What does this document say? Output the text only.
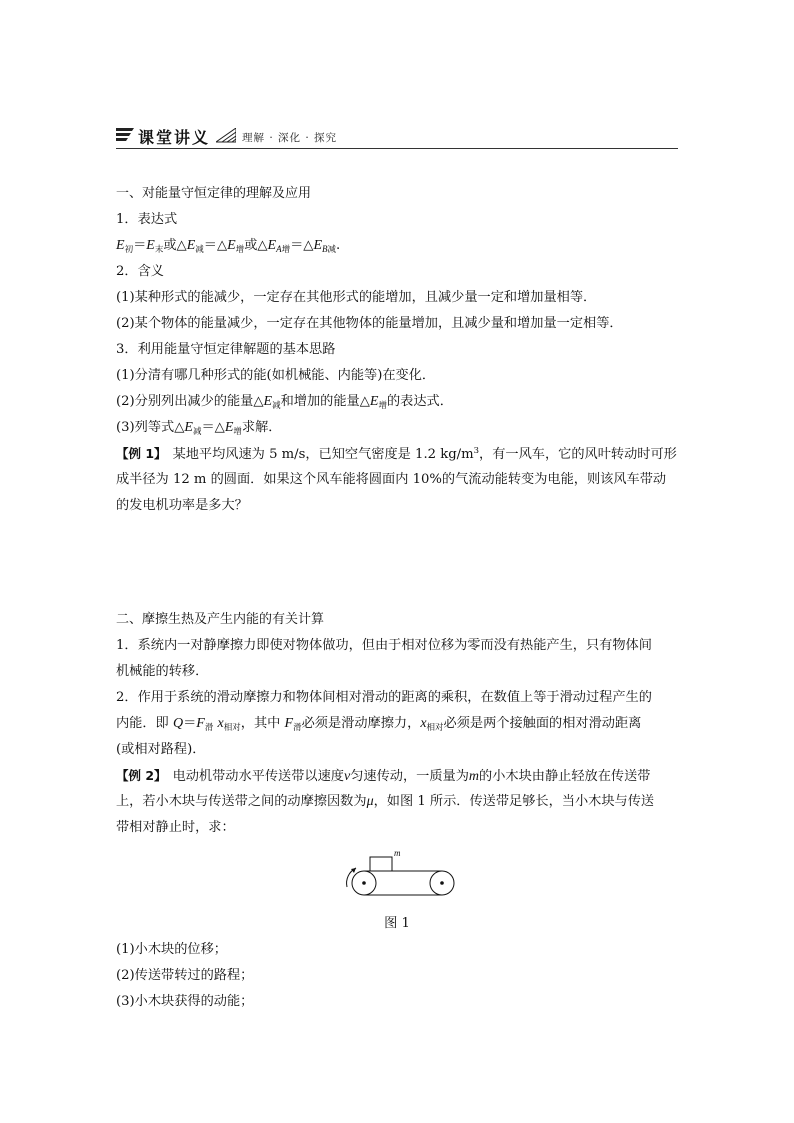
课堂讲义	理解 · 深化 · 探究
一、对能量守恒定律的理解及应用
1．表达式
$E_初=E_末$或$\triangle E_减=\triangle E_增$或$\triangle E_{A增}=\triangle E_{B减}$.
2．含义
(1)某种形式的能减少，一定存在其他形式的能增加，且减少量一定和增加量相等．
(2)某个物体的能量减少，一定存在其他物体的能量增加，且减少量和增加量一定相等．
3．利用能量守恒定律解题的基本思路
(1)分清有哪几种形式的能(如机械能、内能等)在变化．
(2)分别列出减少的能量$\triangle E_减$和增加的能量$\triangle E_增$的表达式．
(3)列等式$\triangle E_减=\triangle E_增$求解．
【例 1】 某地平均风速为 5 m/s，已知空气密度是 1.2 $kg/m^3$，有一风车，它的风叶转动时可形
成半径为 12 m 的圆面．如果这个风车能将圆面内 10%的气流动能转变为电能，则该风车带动
的发电机功率是多大？
二、摩擦生热及产生内能的有关计算
1．系统内一对静摩擦力即使对物体做功，但由于相对位移为零而没有热能产生，只有物体间
机械能的转移．
2．作用于系统的滑动摩擦力和物体间相对滑动的距离的乘积，在数值上等于滑动过程产生的
内能．即 $Q=F_滑$ $x_{相对}$，其中 $F_滑$必须是滑动摩擦力，$x_{相对}$必须是两个接触面的相对滑动距离
(或相对路程)．
【例 2】 电动机带动水平传送带以速度v匀速传动，一质量为m的小木块由静止轻放在传送带
上，若小木块与传送带之间的动摩擦因数为μ，如图 1 所示．传送带足够长，当小木块与传送
带相对静止时，求：
m
图 1
(1)小木块的位移；
(2)传送带转过的路程；
(3)小木块获得的动能；
